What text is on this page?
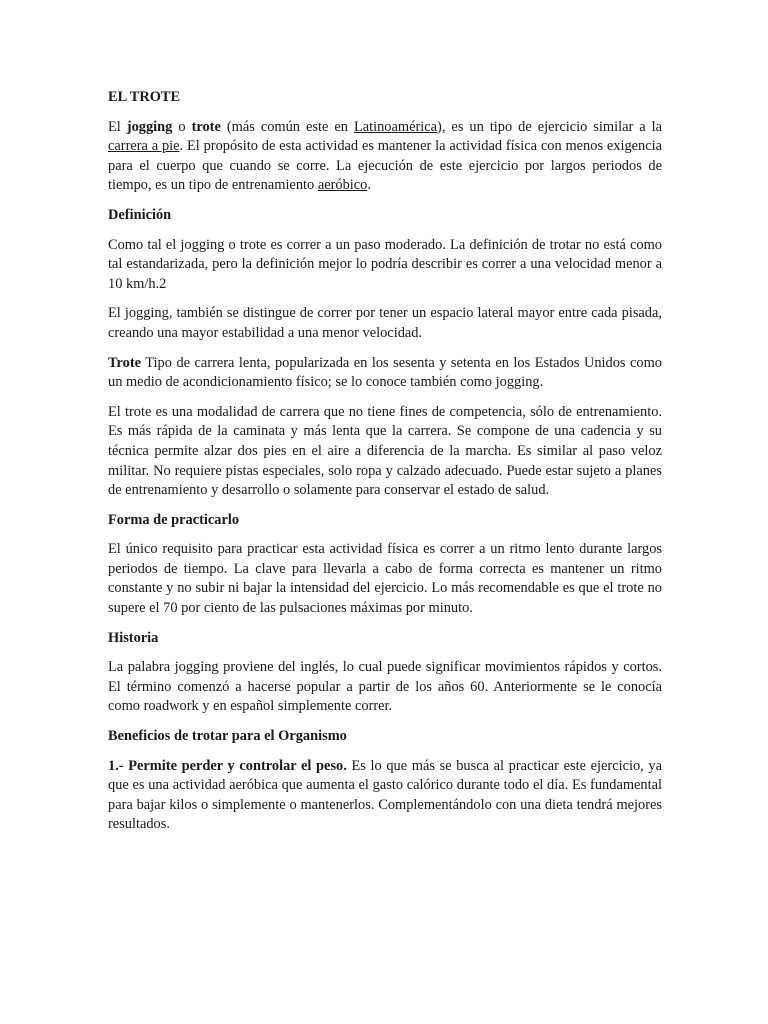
EL TROTE

El jogging o trote (más común este en Latinoamérica), es un tipo de ejercicio similar a la carrera a pie. El propósito de esta actividad es mantener la actividad física con menos exigencia para el cuerpo que cuando se corre. La ejecución de este ejercicio por largos periodos de tiempo, es un tipo de entrenamiento aeróbico.

Definición

Como tal el jogging o trote es correr a un paso moderado. La definición de trotar no está como tal estandarizada, pero la definición mejor lo podría describir es correr a una velocidad menor a 10 km/h.2

El jogging, también se distingue de correr por tener un espacio lateral mayor entre cada pisada, creando una mayor estabilidad a una menor velocidad.

Trote Tipo de carrera lenta, popularizada en los sesenta y setenta en los Estados Unidos como un medio de acondicionamiento físico; se lo conoce también como jogging.

El trote es una modalidad de carrera que no tiene fines de competencia, sólo de entrenamiento. Es más rápida de la caminata y más lenta que la carrera. Se compone de una cadencia y su técnica permite alzar dos pies en el aire a diferencia de la marcha. Es similar al paso veloz militar. No requiere pistas especiales, solo ropa y calzado adecuado. Puede estar sujeto a planes de entrenamiento y desarrollo o solamente para conservar el estado de salud.

Forma de practicarlo

El único requisito para practicar esta actividad física es correr a un ritmo lento durante largos periodos de tiempo. La clave para llevarla a cabo de forma correcta es mantener un ritmo constante y no subir ni bajar la intensidad del ejercicio. Lo más recomendable es que el trote no supere el 70 por ciento de las pulsaciones máximas por minuto.

Historia

La palabra jogging proviene del inglés, lo cual puede significar movimientos rápidos y cortos. El término comenzó a hacerse popular a partir de los años 60. Anteriormente se le conocía como roadwork y en español simplemente correr.

Beneficios de trotar para el Organismo

1.- Permite perder y controlar el peso. Es lo que más se busca al practicar este ejercicio, ya que es una actividad aeróbica que aumenta el gasto calórico durante todo el día. Es fundamental para bajar kilos o simplemente o mantenerlos. Complementándolo con una dieta tendrá mejores resultados.
